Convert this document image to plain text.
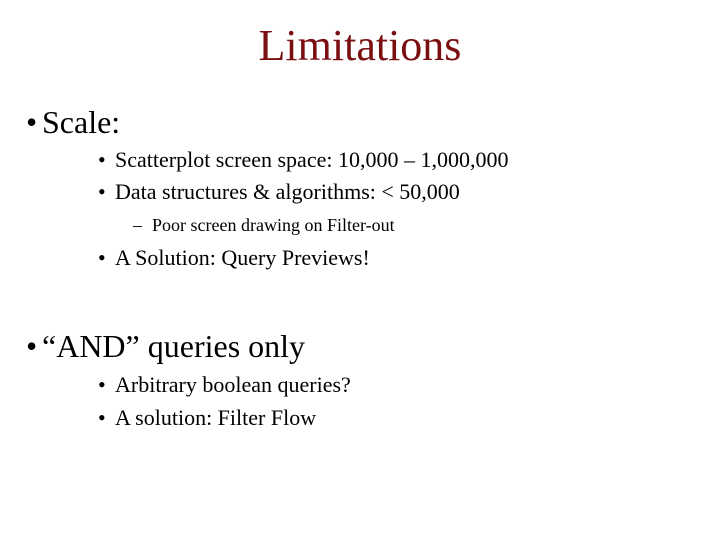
Limitations
• Scale:
• Scatterplot screen space: 10,000 – 1,000,000
• Data structures & algorithms: < 50,000
– Poor screen drawing on Filter-out
• A Solution: Query Previews!
• “AND” queries only
• Arbitrary boolean queries?
• A solution: Filter Flow
